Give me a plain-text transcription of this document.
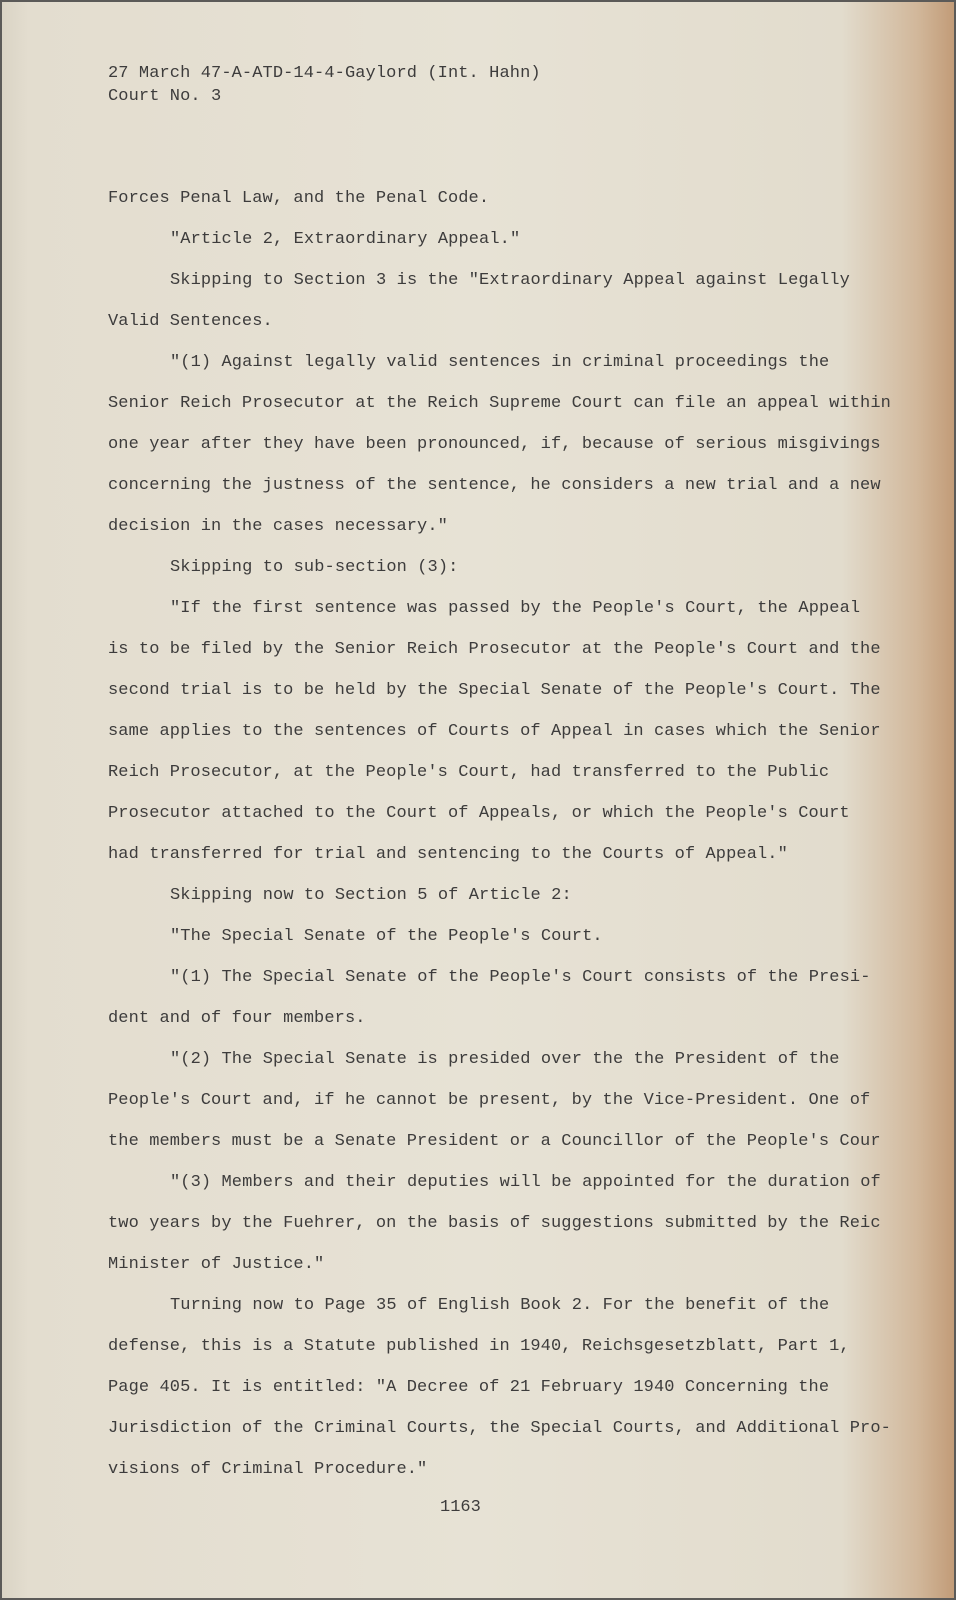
27 March 47-A-ATD-14-4-Gaylord (Int. Hahn)

Court No. 3

Forces Penal Law, and the Penal Code.

"Article 2, Extraordinary Appeal."

Skipping to Section 3 is the "Extraordinary Appeal against Legally

Valid Sentences.

"(1) Against legally valid sentences in criminal proceedings the

Senior Reich Prosecutor at the Reich Supreme Court can file an appeal within

one year after they have been pronounced, if, because of serious misgivings

concerning the justness of the sentence, he considers a new trial and a new

decision in the cases necessary."

Skipping to sub-section (3):

"If the first sentence was passed by the People's Court, the Appeal

is to be filed by the Senior Reich Prosecutor at the People's Court and the

second trial is to be held by the Special Senate of the People's Court. The

same applies to the sentences of Courts of Appeal in cases which the Senior

Reich Prosecutor, at the People's Court, had transferred to the Public

Prosecutor attached to the Court of Appeals, or which the People's Court

had transferred for trial and sentencing to the Courts of Appeal."

Skipping now to Section 5 of Article 2:

"The Special Senate of the People's Court.

"(1) The Special Senate of the People's Court consists of the Presi-

dent and of four members.

"(2) The Special Senate is presided over the the President of the

People's Court and, if he cannot be present, by the Vice-President. One of

the members must be a Senate President or a Councillor of the People's Cour

"(3) Members and their deputies will be appointed for the duration of

two years by the Fuehrer, on the basis of suggestions submitted by the Reic

Minister of Justice."

Turning now to Page 35 of English Book 2. For the benefit of the

defense, this is a Statute published in 1940, Reichsgesetzblatt, Part 1,

Page 405. It is entitled: "A Decree of 21 February 1940 Concerning the

Jurisdiction of the Criminal Courts, the Special Courts, and Additional Pro-

visions of Criminal Procedure."

1163
